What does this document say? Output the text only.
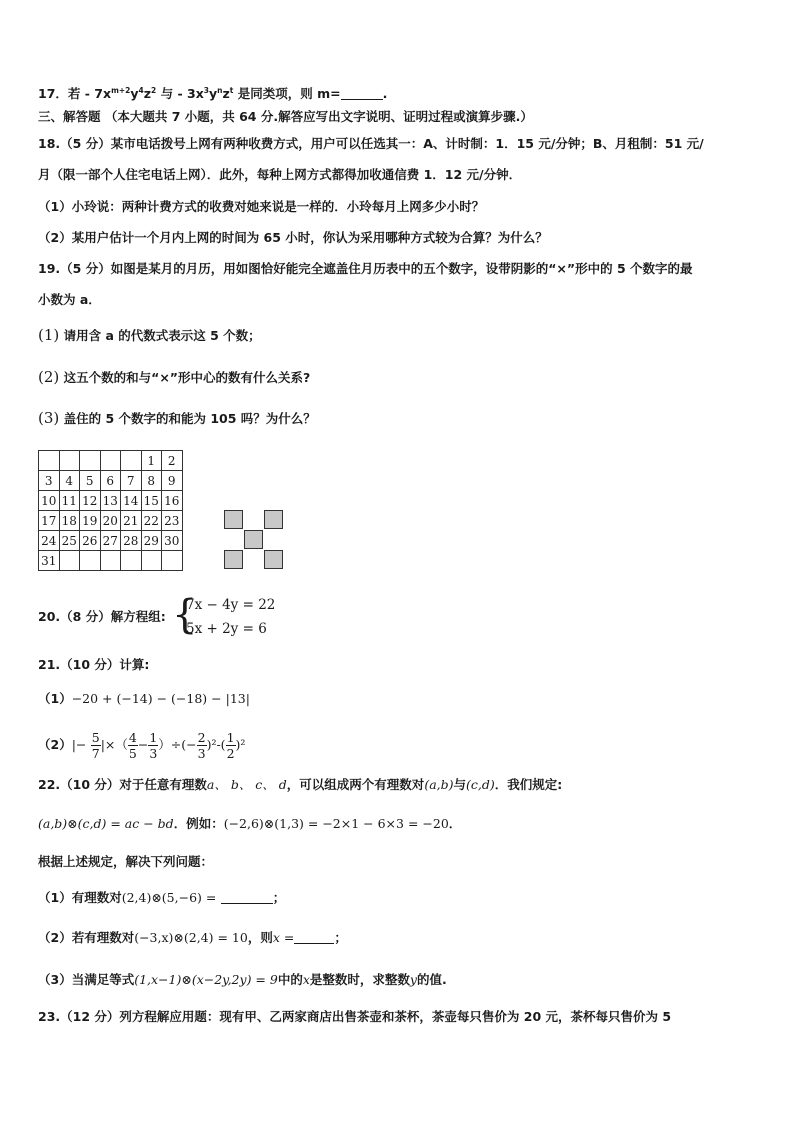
17．若 - $7x^{m+2}y^4z^2$ 与 - $3x^3y^nz^t$ 是同类项，则 m=	.
三、解答题 （本大题共 7 小题，共 64 分.解答应写出文字说明、证明过程或演算步骤.）
18.（5 分）某市电话拨号上网有两种收费方式，用户可以任选其一：A、计时制：1．15 元/分钟；B、月租制：51 元/
月（限一部个人住宅电话上网）．此外，每种上网方式都得加收通信费 1．12 元/分钟．
（1）小玲说：两种计费方式的收费对她来说是一样的．小玲每月上网多少小时？
（2）某用户估计一个月内上网的时间为 65 小时，你认为采用哪种方式较为合算？为什么？
19.（5 分）如图是某月的月历，用如图恰好能完全遮盖住月历表中的五个数字，设带阴影的“×”形中的 5 个数字的最
小数为 a．
(1) 请用含 a 的代数式表示这 5 个数；
(2) 这五个数的和与“×”形中心的数有什么关系?
(3) 盖住的 5 个数字的和能为 105 吗？为什么？
					1	2
3	4	5	6	7	8	9
10	11	12	13	14	15	16
17	18	19	20	21	22	23
24	25	26	27	28	29	30
31						
20.（8 分）解方程组: {
7x − 4y = 22
5x + 2y = 6
21.（10 分）计算:
（1）−20 + (−14) − (−18) − |13|
$(2)|- \frac{5}{7}$ |×（ $\frac{4}{5} - \frac{1}{3}$ ）÷(− $\frac{2}{3} )^2-( \frac{1}{2} )^2$
22.（10 分）对于任意有理数a、 b、 c、 d，可以组成两个有理数对(a,b)与(c,d)．我们规定:
(a,b)⊗(c,d) = ac − bd．例如：(−2,6)⊗(1,3) = −2×1 − 6×3 = −20．
根据上述规定，解决下列问题：
（1）有理数对(2,4)⊗(5,−6) =	；
（2）若有理数对(−3,x)⊗(2,4) = 10，则x =	；
（3）当满足等式(1,x−1)⊗(x−2y,2y) = 9中的x是整数时，求整数y的值.
23.（12 分）列方程解应用题：现有甲、乙两家商店出售茶壶和茶杯，茶壶每只售价为 20 元，茶杯每只售价为 5
